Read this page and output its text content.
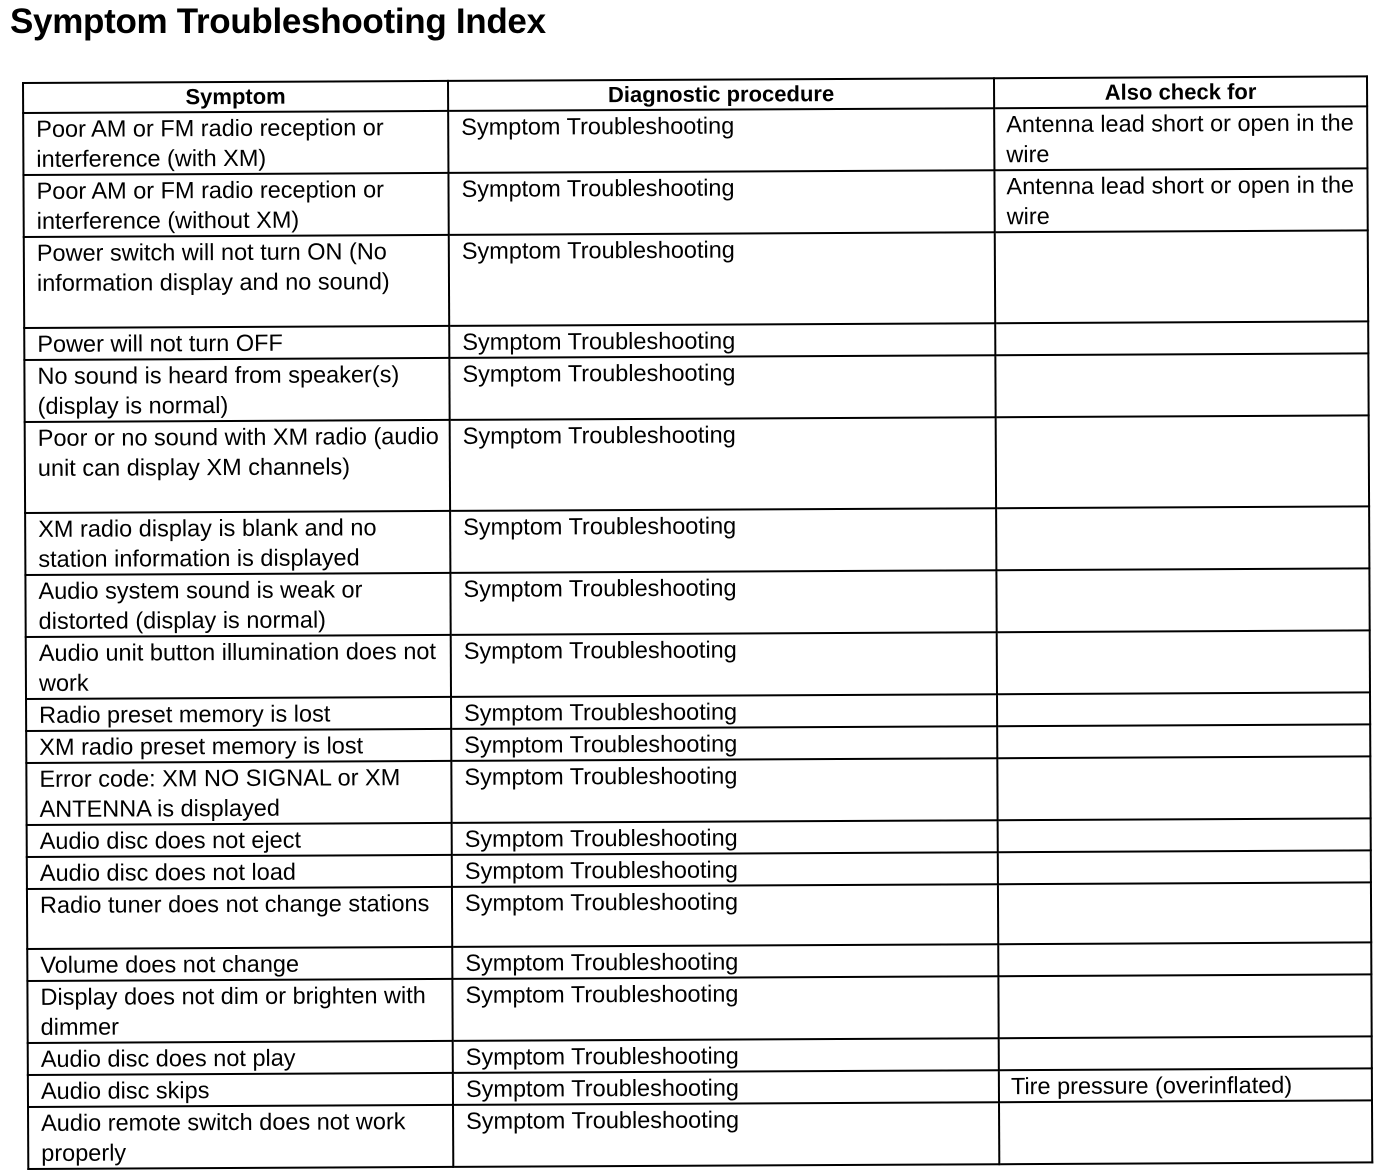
Symptom Troubleshooting Index
Symptom	Diagnostic procedure	Also check for
Poor AM or FM radio reception or interference (with XM)	Symptom Troubleshooting	Antenna lead short or open in the wire
Poor AM or FM radio reception or interference (without XM)	Symptom Troubleshooting	Antenna lead short or open in the wire
Power switch will not turn ON (No information display and no sound)	Symptom Troubleshooting	
Power will not turn OFF	Symptom Troubleshooting	
No sound is heard from speaker(s) (display is normal)	Symptom Troubleshooting	
Poor or no sound with XM radio (audio unit can display XM channels)	Symptom Troubleshooting	
XM radio display is blank and no station information is displayed	Symptom Troubleshooting	
Audio system sound is weak or distorted (display is normal)	Symptom Troubleshooting	
Audio unit button illumination does not work	Symptom Troubleshooting	
Radio preset memory is lost	Symptom Troubleshooting	
XM radio preset memory is lost	Symptom Troubleshooting	
Error code: XM NO SIGNAL or XM ANTENNA is displayed	Symptom Troubleshooting	
Audio disc does not eject	Symptom Troubleshooting	
Audio disc does not load	Symptom Troubleshooting	
Radio tuner does not change stations	Symptom Troubleshooting	
Volume does not change	Symptom Troubleshooting	
Display does not dim or brighten with dimmer	Symptom Troubleshooting	
Audio disc does not play	Symptom Troubleshooting	
Audio disc skips	Symptom Troubleshooting	Tire pressure (overinflated)
Audio remote switch does not work properly	Symptom Troubleshooting	
